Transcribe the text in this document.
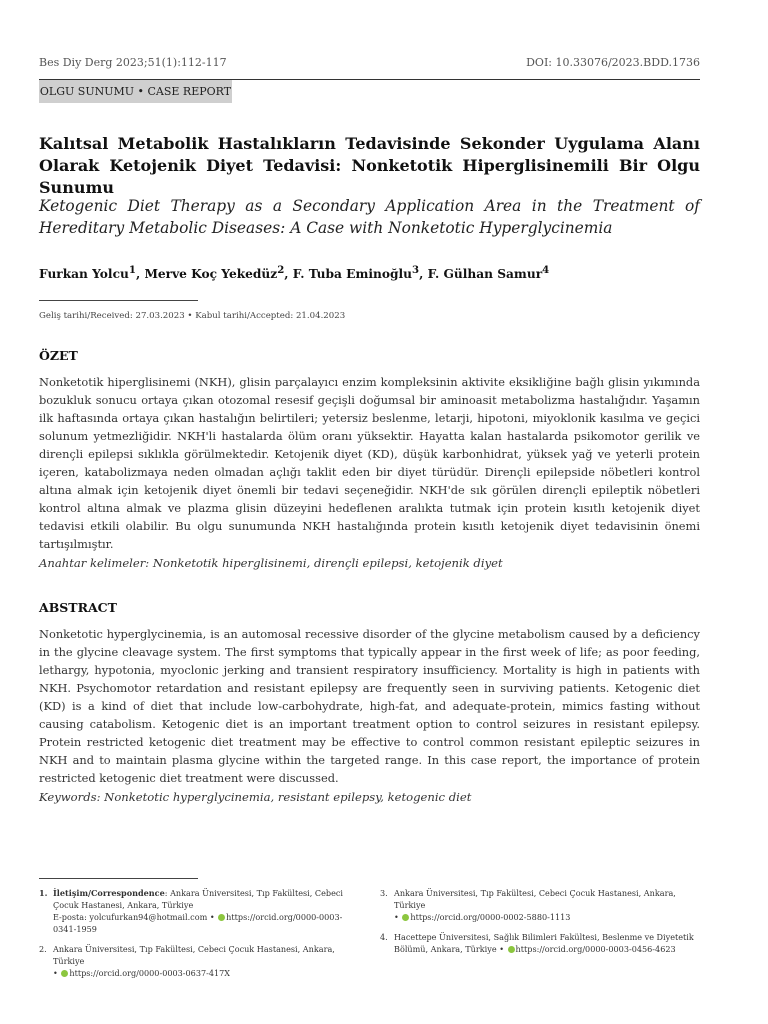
Bes Diy Derg 2023;51(1):112-117	DOI: 10.33076/2023.BDD.1736
OLGU SUNUMU • CASE REPORT
Kalıtsal Metabolik Hastalıkların Tedavisinde Sekonder Uygulama Alanı Olarak Ketojenik Diyet Tedavisi: Nonketotik Hiperglisinemili Bir Olgu Sunumu
Ketogenic Diet Therapy as a Secondary Application Area in the Treatment of Hereditary Metabolic Diseases: A Case with Nonketotic Hyperglycinemia
Furkan Yolcu$^1$, Merve Koç Yekedüz$^2$, F. Tuba Eminoğlu$^3$, F. Gülhan Samur$^4$
Geliş tarihi/Received: 27.03.2023 • Kabul tarihi/Accepted: 21.04.2023
ÖZET
Nonketotik hiperglisinemi (NKH), glisin parçalayıcı enzim kompleksinin aktivite eksikliğine bağlı glisin yıkımında bozukluk sonucu ortaya çıkan otozomal resesif geçişli doğumsal bir aminoasit metabolizma hastalığıdır. Yaşamın ilk haftasında ortaya çıkan hastalığın belirtileri; yetersiz beslenme, letarji, hipotoni, miyoklonik kasılma ve geçici solunum yetmezliğidir. NKH'li hastalarda ölüm oranı yüksektir. Hayatta kalan hastalarda psikomotor gerilik ve dirençli epilepsi sıklıkla görülmektedir. Ketojenik diyet (KD), düşük karbonhidrat, yüksek yağ ve yeterli protein içeren, katabolizmaya neden olmadan açlığı taklit eden bir diyet türüdür. Dirençli epilepside nöbetleri kontrol altına almak için ketojenik diyet önemli bir tedavi seçeneğidir. NKH'de sık görülen dirençli epileptik nöbetleri kontrol altına almak ve plazma glisin düzeyini hedeflenen aralıkta tutmak için protein kısıtlı ketojenik diyet tedavisi etkili olabilir. Bu olgu sunumunda NKH hastalığında protein kısıtlı ketojenik diyet tedavisinin önemi tartışılmıştır.
Anahtar kelimeler: Nonketotik hiperglisinemi, dirençli epilepsi, ketojenik diyet
ABSTRACT
Nonketotic hyperglycinemia, is an automosal recessive disorder of the glycine metabolism caused by a deficiency in the glycine cleavage system. The first symptoms that typically appear in the first week of life; as poor feeding, lethargy, hypotonia, myoclonic jerking and transient respiratory insufficiency. Mortality is high in patients with NKH. Psychomotor retardation and resistant epilepsy are frequently seen in surviving patients. Ketogenic diet (KD) is a kind of diet that include low-carbohydrate, high-fat, and adequate-protein, mimics fasting without causing catabolism. Ketogenic diet is an important treatment option to control seizures in resistant epilepsy. Protein restricted ketogenic diet treatment may be effective to control common resistant epileptic seizures in NKH and to maintain plasma glycine within the targeted range. In this case report, the importance of protein restricted ketogenic diet treatment were discussed.
Keywords: Nonketotic hyperglycinemia, resistant epilepsy, ketogenic diet
1. İletişim/Correspondence: Ankara Üniversitesi, Tıp Fakültesi, Cebeci Çocuk Hastanesi, Ankara, Türkiye
E-posta: yolcufurkan94@hotmail.com • https://orcid.org/0000-0003-0341-1959
2. Ankara Üniversitesi, Tıp Fakültesi, Cebeci Çocuk Hastanesi, Ankara, Türkiye
• https://orcid.org/0000-0003-0637-417X
3. Ankara Üniversitesi, Tıp Fakültesi, Cebeci Çocuk Hastanesi, Ankara, Türkiye
• https://orcid.org/0000-0002-5880-1113
4. Hacettepe Üniversitesi, Sağlık Bilimleri Fakültesi, Beslenme ve Diyetetik Bölümü, Ankara, Türkiye • https://orcid.org/0000-0003-0456-4623
